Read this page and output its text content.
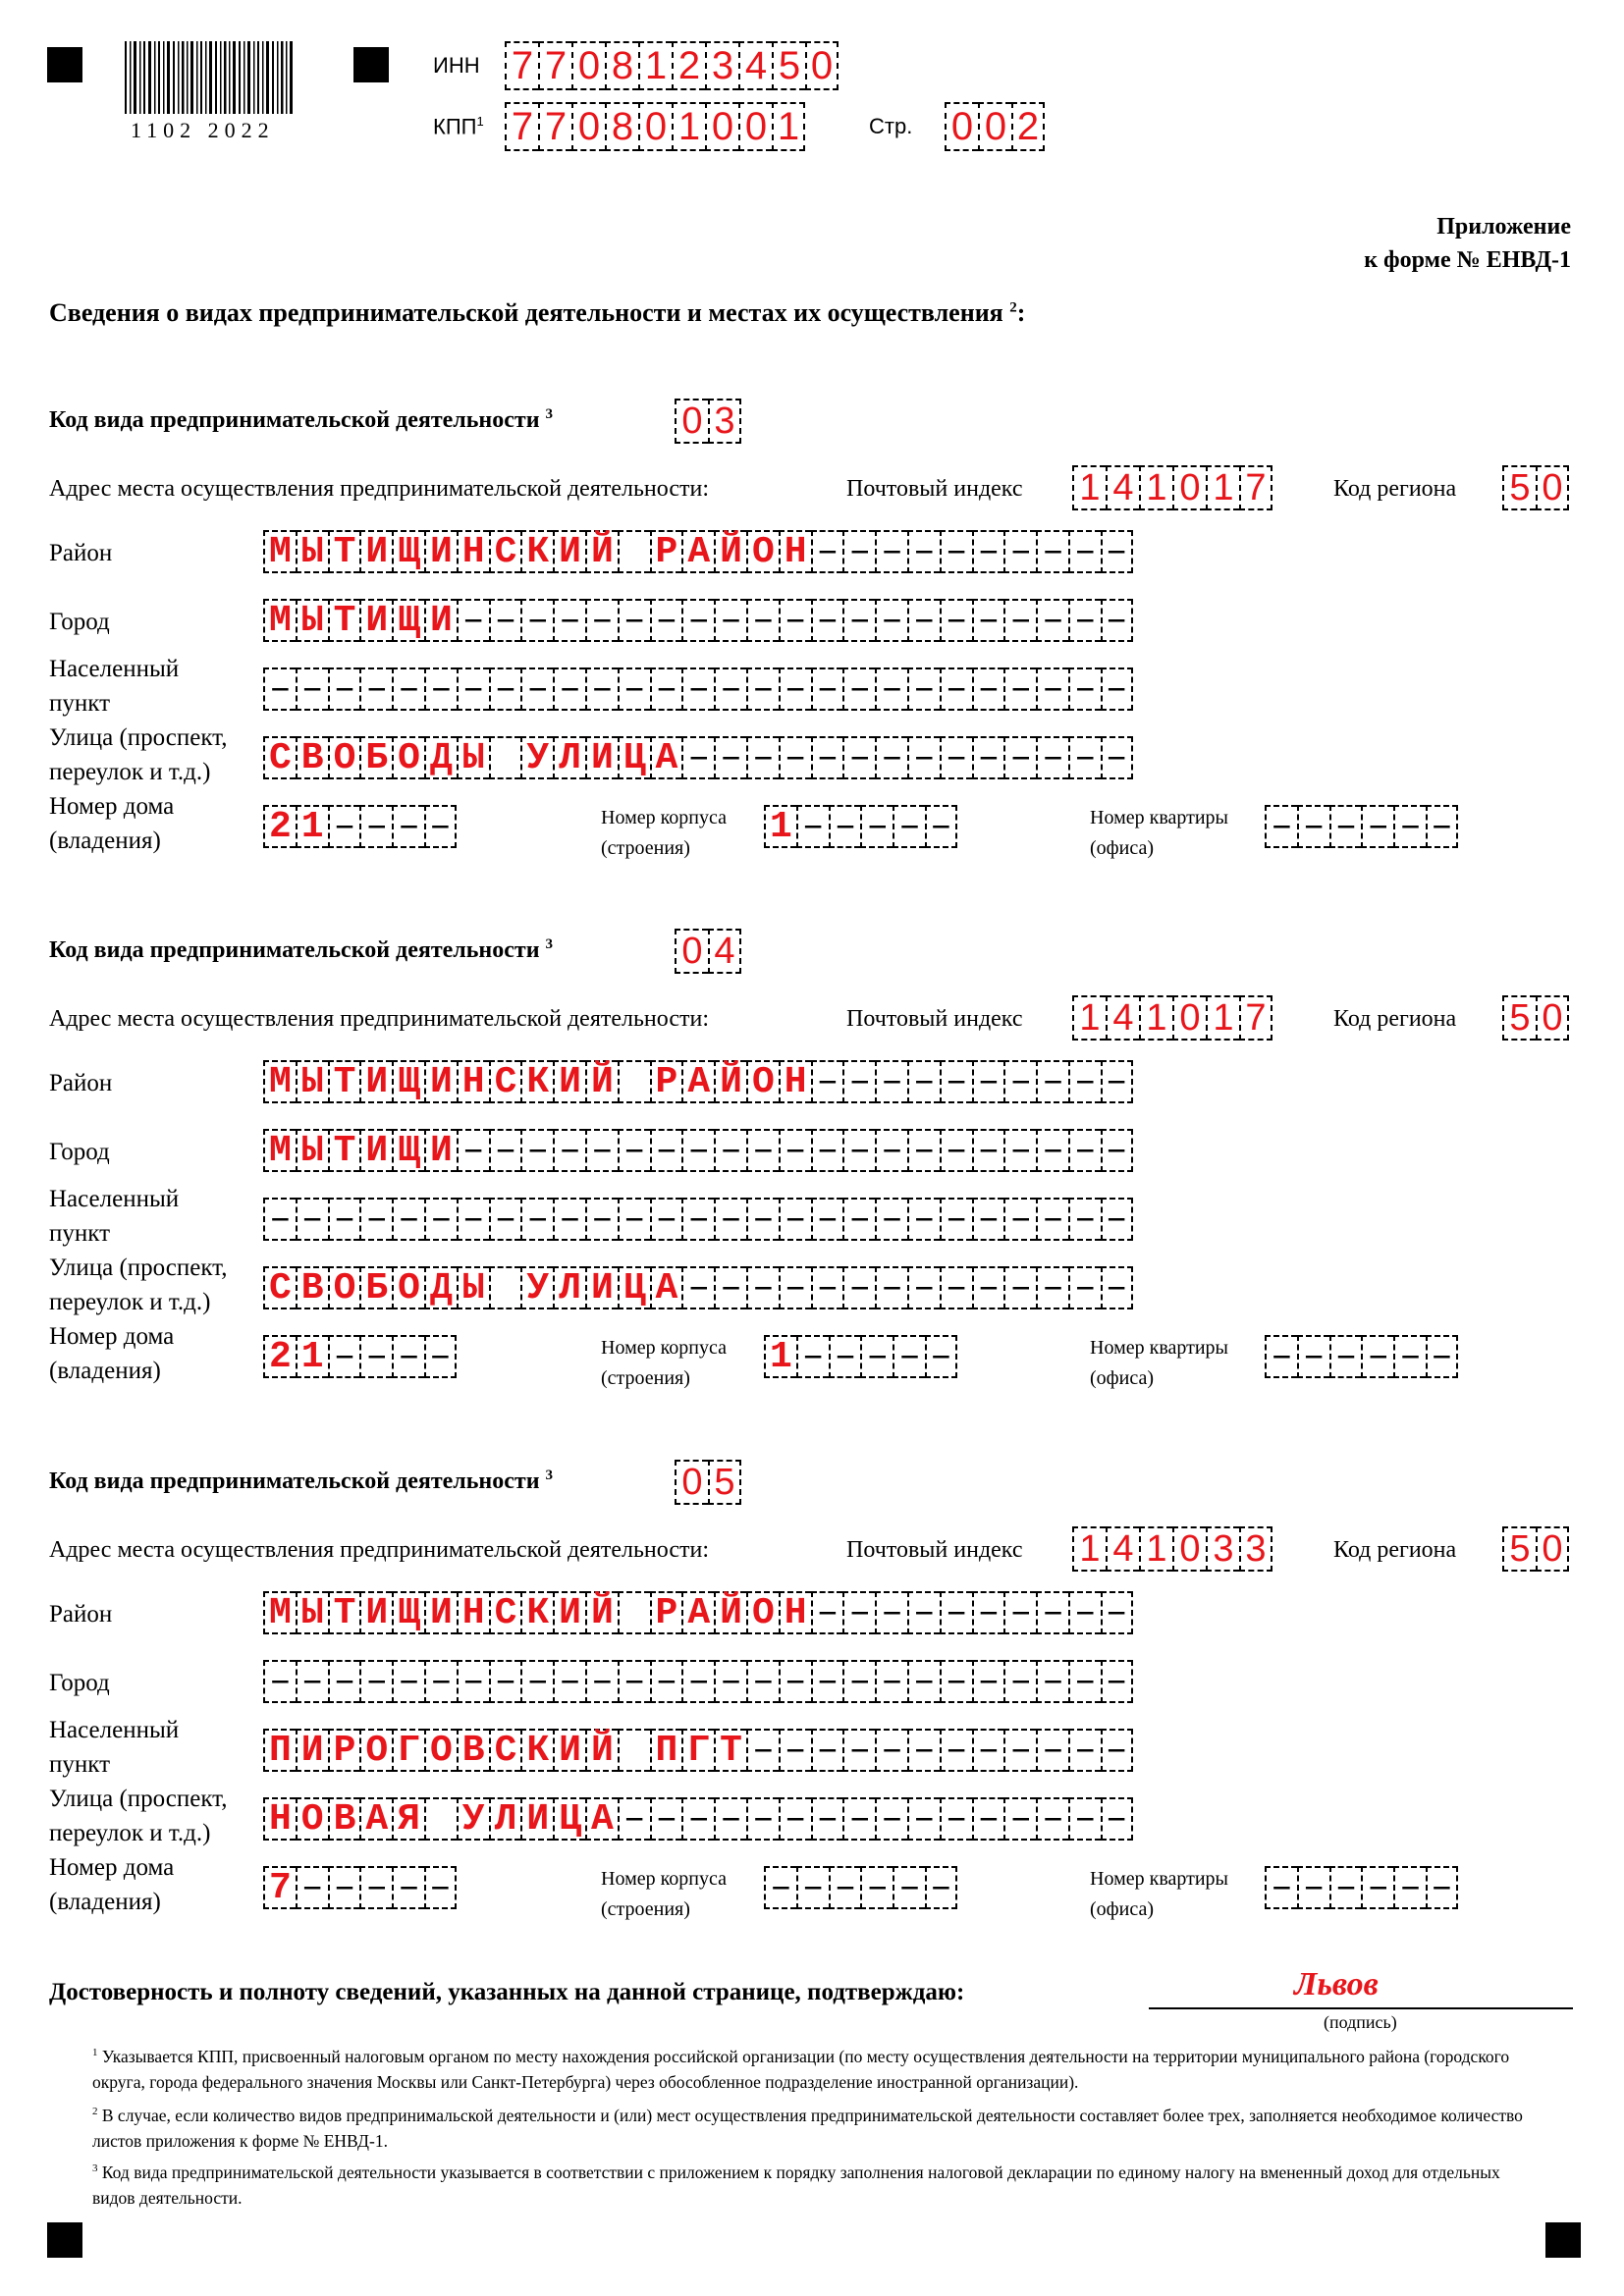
1102 2022
ИНН 7 7 0 8 1 2 3 4 5 0
КПП$^1$ 7 7 0 8 0 1 0 0 1	Стр. 0 0 2
Приложение
к форме № ЕНВД-1
Сведения о видах предпринимательской деятельности и местах их осуществления $^2$:
Код вида предпринимательской деятельности $^3$	0 3
Адрес места осуществления предпринимательской деятельности:	Почтовый индекс 1 4 1 0 1 7	Код региона 5 0
Район	М Ы Т И Щ И Н С К И Й Р А Й О Н – – – – – – – – – –
Город	М Ы Т И Щ И – – – – – – – – – – – – – – – – – – – – –
Населенный
пункт	– – – – – – – – – – – – – – – – – – – – – – – – – – –
Улица (проспект,
переулок и т.д.)	С В О Б О Д Ы У Л И Ц А – – – – – – – – – – – – – –
Номер дома
(владения)	2 1 – – – –	Номер корпуса
(строения)
1 – – – – –	Номер квартиры
(офиса)
– – – – – –
Код вида предпринимательской деятельности $^3$	0 4
Адрес места осуществления предпринимательской деятельности:	Почтовый индекс 1 4 1 0 1 7	Код региона 5 0
Район	М Ы Т И Щ И Н С К И Й Р А Й О Н – – – – – – – – – –
Город	М Ы Т И Щ И – – – – – – – – – – – – – – – – – – – – –
Населенный
пункт	– – – – – – – – – – – – – – – – – – – – – – – – – – –
Улица (проспект,
переулок и т.д.)	С В О Б О Д Ы У Л И Ц А – – – – – – – – – – – – – –
Номер дома
(владения)	2 1 – – – –	Номер корпуса
(строения)
1 – – – – –	Номер квартиры
(офиса)
– – – – – –
Код вида предпринимательской деятельности $^3$	0 5
Адрес места осуществления предпринимательской деятельности:	Почтовый индекс 1 4 1 0 3 3	Код региона 5 0
Район	М Ы Т И Щ И Н С К И Й Р А Й О Н – – – – – – – – – –
Город	– – – – – – – – – – – – – – – – – – – – – – – – – – –
Населенный
пункт	П И Р О Г О В С К И Й П Г Т – – – – – – – – – – – –
Улица (проспект,
переулок и т.д.)	Н О В А Я У Л И Ц А – – – – – – – – – – – – – – – –
Номер дома
(владения)	7 – – – – –	Номер корпуса
(строения)
– – – – – –	Номер квартиры
(офиса)
– – – – – –
Достоверность и полноту сведений, указанных на данной странице, подтверждаю:	Львов
(подпись)
$^1$ Указывается КПП, присвоенный налоговым органом по месту нахождения российской организации (по месту осуществления деятельности на территории муниципального района (городского округа, города федерального значения Москвы или Санкт-Петербурга) через обособленное подразделение иностранной организации).
$^2$ В случае, если количество видов предпринимальской деятельности и (или) мест осуществления предпринимательской деятельности составляет более трех, заполняется необходимое количество листов приложения к форме № ЕНВД-1.
$^3$ Код вида предпринимательской деятельности указывается в соответствии с приложением к порядку заполнения налоговой декларации по единому налогу на вмененный доход для отдельных видов деятельности.
